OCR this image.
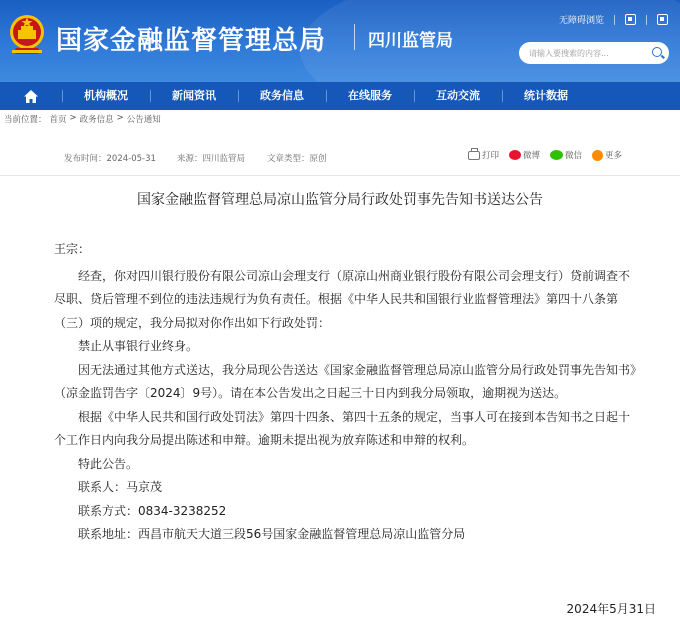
国家金融监督管理总局 四川监管局
无障碍浏览
请输入要搜索的内容...
机构概况	新闻资讯	政务信息	在线服务	互动交流	统计数据
当前位置： 首页 > 政务信息 > 公告通知
发布时间：2024-05-31 来源：四川监管局	文章类型：原创	打印	微博	微信	更多
国家金融监督管理总局凉山监管分局行政处罚事先告知书送达公告

王宗：

经查，你对四川银行股份有限公司凉山会理支行（原凉山州商业银行股份有限公司会理支行）贷前调查不尽职、贷后管理不到位的违法违规行为负有责任。根据《中华人民共和国银行业监督管理法》第四十八条第（三）项的规定，我分局拟对你作出如下行政处罚：

禁止从事银行业终身。

因无法通过其他方式送达，我分局现公告送达《国家金融监督管理总局凉山监管分局行政处罚事先告知书》（凉金监罚告字〔2024〕9号）。请在本公告发出之日起三十日内到我分局领取，逾期视为送达。

根据《中华人民共和国行政处罚法》第四十四条、第四十五条的规定，当事人可在接到本告知书之日起十个工作日内向我分局提出陈述和申辩。逾期未提出视为放弃陈述和申辩的权利。

特此公告。

联系人：马京茂

联系方式：0834-3238252

联系地址：西昌市航天大道三段56号国家金融监督管理总局凉山监管分局

2024年5月31日
